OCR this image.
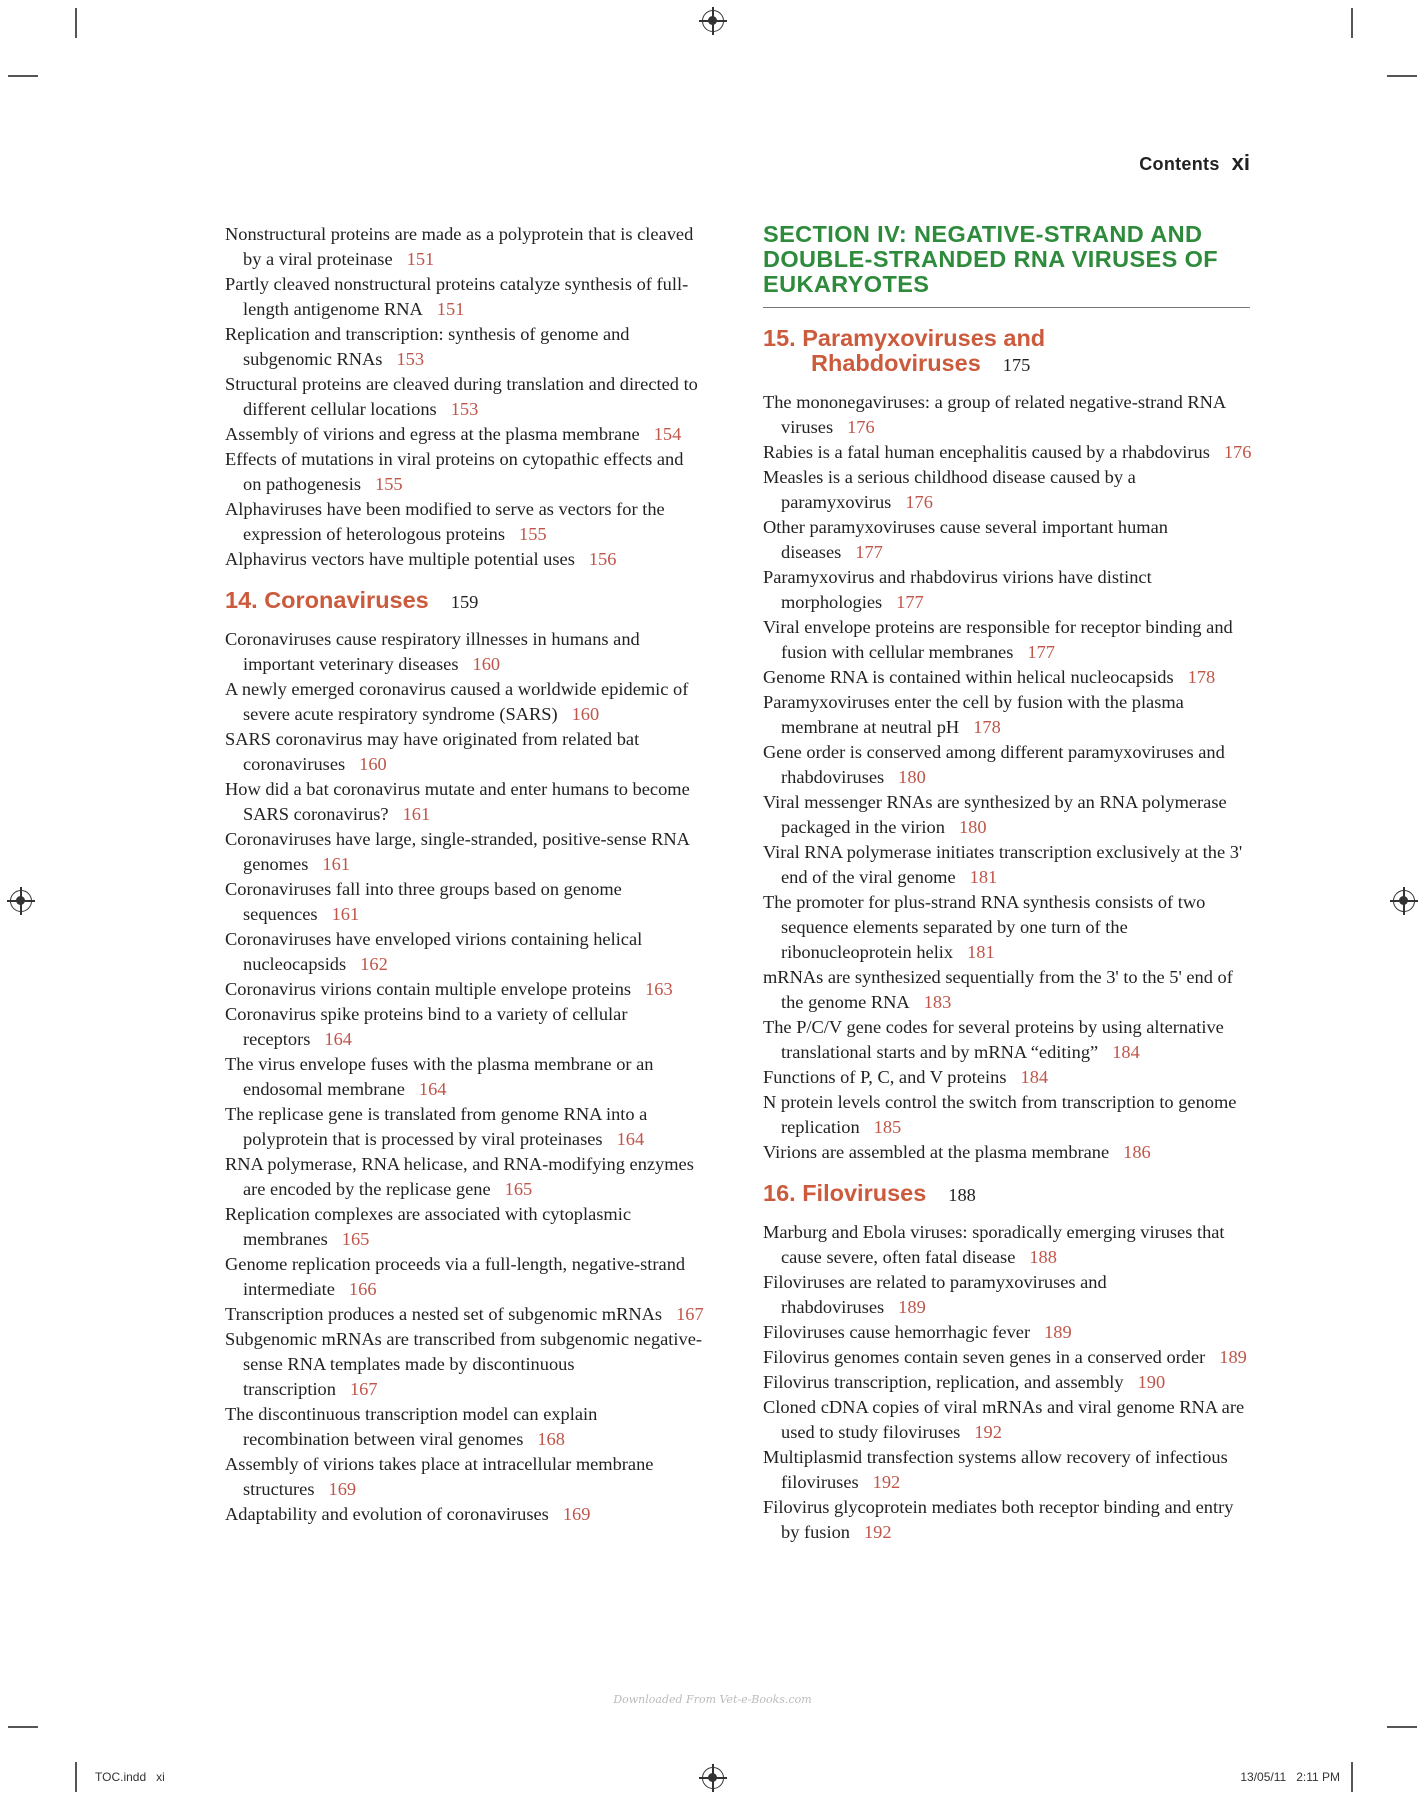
Contents xi

Nonstructural proteins are made as a polyprotein that is cleaved by a viral proteinase 151

Partly cleaved nonstructural proteins catalyze synthesis of full-length antigenome RNA 151

Replication and transcription: synthesis of genome and subgenomic RNAs 153

Structural proteins are cleaved during translation and directed to different cellular locations 153

Assembly of virions and egress at the plasma membrane 154

Effects of mutations in viral proteins on cytopathic effects and on pathogenesis 155

Alphaviruses have been modified to serve as vectors for the expression of heterologous proteins 155

Alphavirus vectors have multiple potential uses 156

14. Coronaviruses 159

Coronaviruses cause respiratory illnesses in humans and important veterinary diseases 160

A newly emerged coronavirus caused a worldwide epidemic of severe acute respiratory syndrome (SARS) 160

SARS coronavirus may have originated from related bat coronaviruses 160

How did a bat coronavirus mutate and enter humans to become SARS coronavirus? 161

Coronaviruses have large, single-stranded, positive-sense RNA genomes 161

Coronaviruses fall into three groups based on genome sequences 161

Coronaviruses have enveloped virions containing helical nucleocapsids 162

Coronavirus virions contain multiple envelope proteins 163

Coronavirus spike proteins bind to a variety of cellular receptors 164

The virus envelope fuses with the plasma membrane or an endosomal membrane 164

The replicase gene is translated from genome RNA into a polyprotein that is processed by viral proteinases 164

RNA polymerase, RNA helicase, and RNA-modifying enzymes are encoded by the replicase gene 165

Replication complexes are associated with cytoplasmic membranes 165

Genome replication proceeds via a full-length, negative-strand intermediate 166

Transcription produces a nested set of subgenomic mRNAs 167

Subgenomic mRNAs are transcribed from subgenomic negative-sense RNA templates made by discontinuous transcription 167

The discontinuous transcription model can explain recombination between viral genomes 168

Assembly of virions takes place at intracellular membrane structures 169

Adaptability and evolution of coronaviruses 169

SECTION IV: NEGATIVE-STRAND AND DOUBLE-STRANDED RNA VIRUSES OF EUKARYOTES

15. Paramyxoviruses and
Rhabdoviruses 175

The mononegaviruses: a group of related negative-strand RNA viruses 176

Rabies is a fatal human encephalitis caused by a rhabdovirus 176

Measles is a serious childhood disease caused by a paramyxovirus 176

Other paramyxoviruses cause several important human diseases 177

Paramyxovirus and rhabdovirus virions have distinct morphologies 177

Viral envelope proteins are responsible for receptor binding and fusion with cellular membranes 177

Genome RNA is contained within helical nucleocapsids 178

Paramyxoviruses enter the cell by fusion with the plasma membrane at neutral pH 178

Gene order is conserved among different paramyxoviruses and rhabdoviruses 180

Viral messenger RNAs are synthesized by an RNA polymerase packaged in the virion 180

Viral RNA polymerase initiates transcription exclusively at the 3' end of the viral genome 181

The promoter for plus-strand RNA synthesis consists of two sequence elements separated by one turn of the ribonucleoprotein helix 181

mRNAs are synthesized sequentially from the 3' to the 5' end of the genome RNA 183

The P/C/V gene codes for several proteins by using alternative translational starts and by mRNA “editing” 184

Functions of P, C, and V proteins 184

N protein levels control the switch from transcription to genome replication 185

Virions are assembled at the plasma membrane 186

16. Filoviruses 188

Marburg and Ebola viruses: sporadically emerging viruses that cause severe, often fatal disease 188

Filoviruses are related to paramyxoviruses and rhabdoviruses 189

Filoviruses cause hemorrhagic fever 189

Filovirus genomes contain seven genes in a conserved order 189

Filovirus transcription, replication, and assembly 190

Cloned cDNA copies of viral mRNAs and viral genome RNA are used to study filoviruses 192

Multiplasmid transfection systems allow recovery of infectious filoviruses 192

Filovirus glycoprotein mediates both receptor binding and entry by fusion 192

Downloaded From Vet-e-Books.com
TOC.indd xi	13/05/11 2:11 PM
